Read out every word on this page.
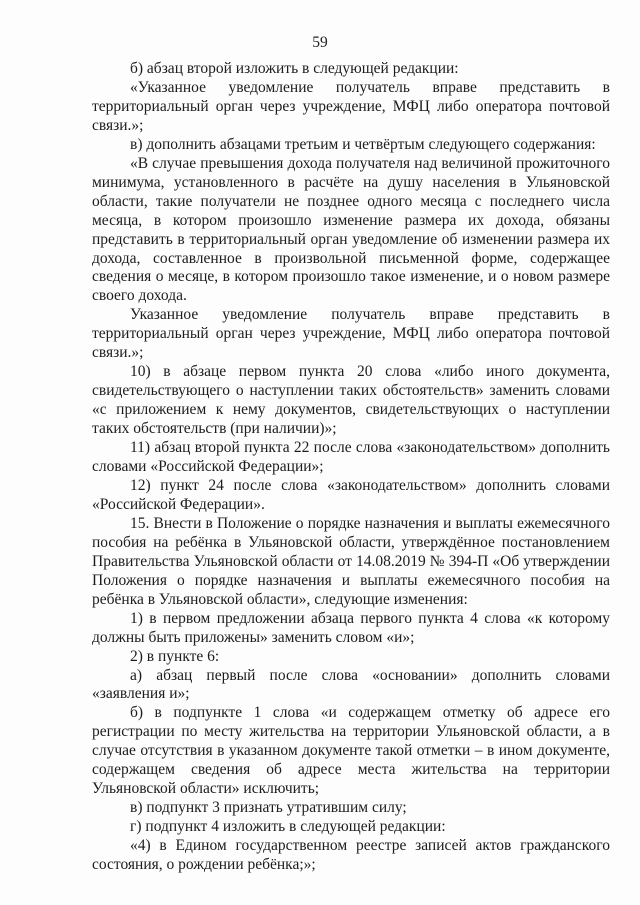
59

б) абзац второй изложить в следующей редакции:

«Указанное уведомление получатель вправе представить в территориальный орган через учреждение, МФЦ либо оператора почтовой связи.»;

в) дополнить абзацами третьим и четвёртым следующего содержания:

«В случае превышения дохода получателя над величиной прожиточного минимума, установленного в расчёте на душу населения в Ульяновской области, такие получатели не позднее одного месяца с последнего числа месяца, в котором произошло изменение размера их дохода, обязаны представить в территориальный орган уведомление об изменении размера их дохода, составленное в произвольной письменной форме, содержащее сведения о месяце, в котором произошло такое изменение, и о новом размере своего дохода.

Указанное уведомление получатель вправе представить в территориальный орган через учреждение, МФЦ либо оператора почтовой связи.»;

10) в абзаце первом пункта 20 слова «либо иного документа, свидетельствующего о наступлении таких обстоятельств» заменить словами «с приложением к нему документов, свидетельствующих о наступлении таких обстоятельств (при наличии)»;

11) абзац второй пункта 22 после слова «законодательством» дополнить словами «Российской Федерации»;

12) пункт 24 после слова «законодательством» дополнить словами «Российской Федерации».

15. Внести в Положение о порядке назначения и выплаты ежемесячного пособия на ребёнка в Ульяновской области, утверждённое постановлением Правительства Ульяновской области от 14.08.2019 № 394-П «Об утверждении Положения о порядке назначения и выплаты ежемесячного пособия на ребёнка в Ульяновской области», следующие изменения:

1) в первом предложении абзаца первого пункта 4 слова «к которому должны быть приложены» заменить словом «и»;

2) в пункте 6:

а) абзац первый после слова «основании» дополнить словами «заявления и»;

б) в подпункте 1 слова «и содержащем отметку об адресе его регистрации по месту жительства на территории Ульяновской области, а в случае отсутствия в указанном документе такой отметки – в ином документе, содержащем сведения об адресе места жительства на территории Ульяновской области» исключить;

в) подпункт 3 признать утратившим силу;

г) подпункт 4 изложить в следующей редакции:

«4) в Едином государственном реестре записей актов гражданского состояния, о рождении ребёнка;»;
